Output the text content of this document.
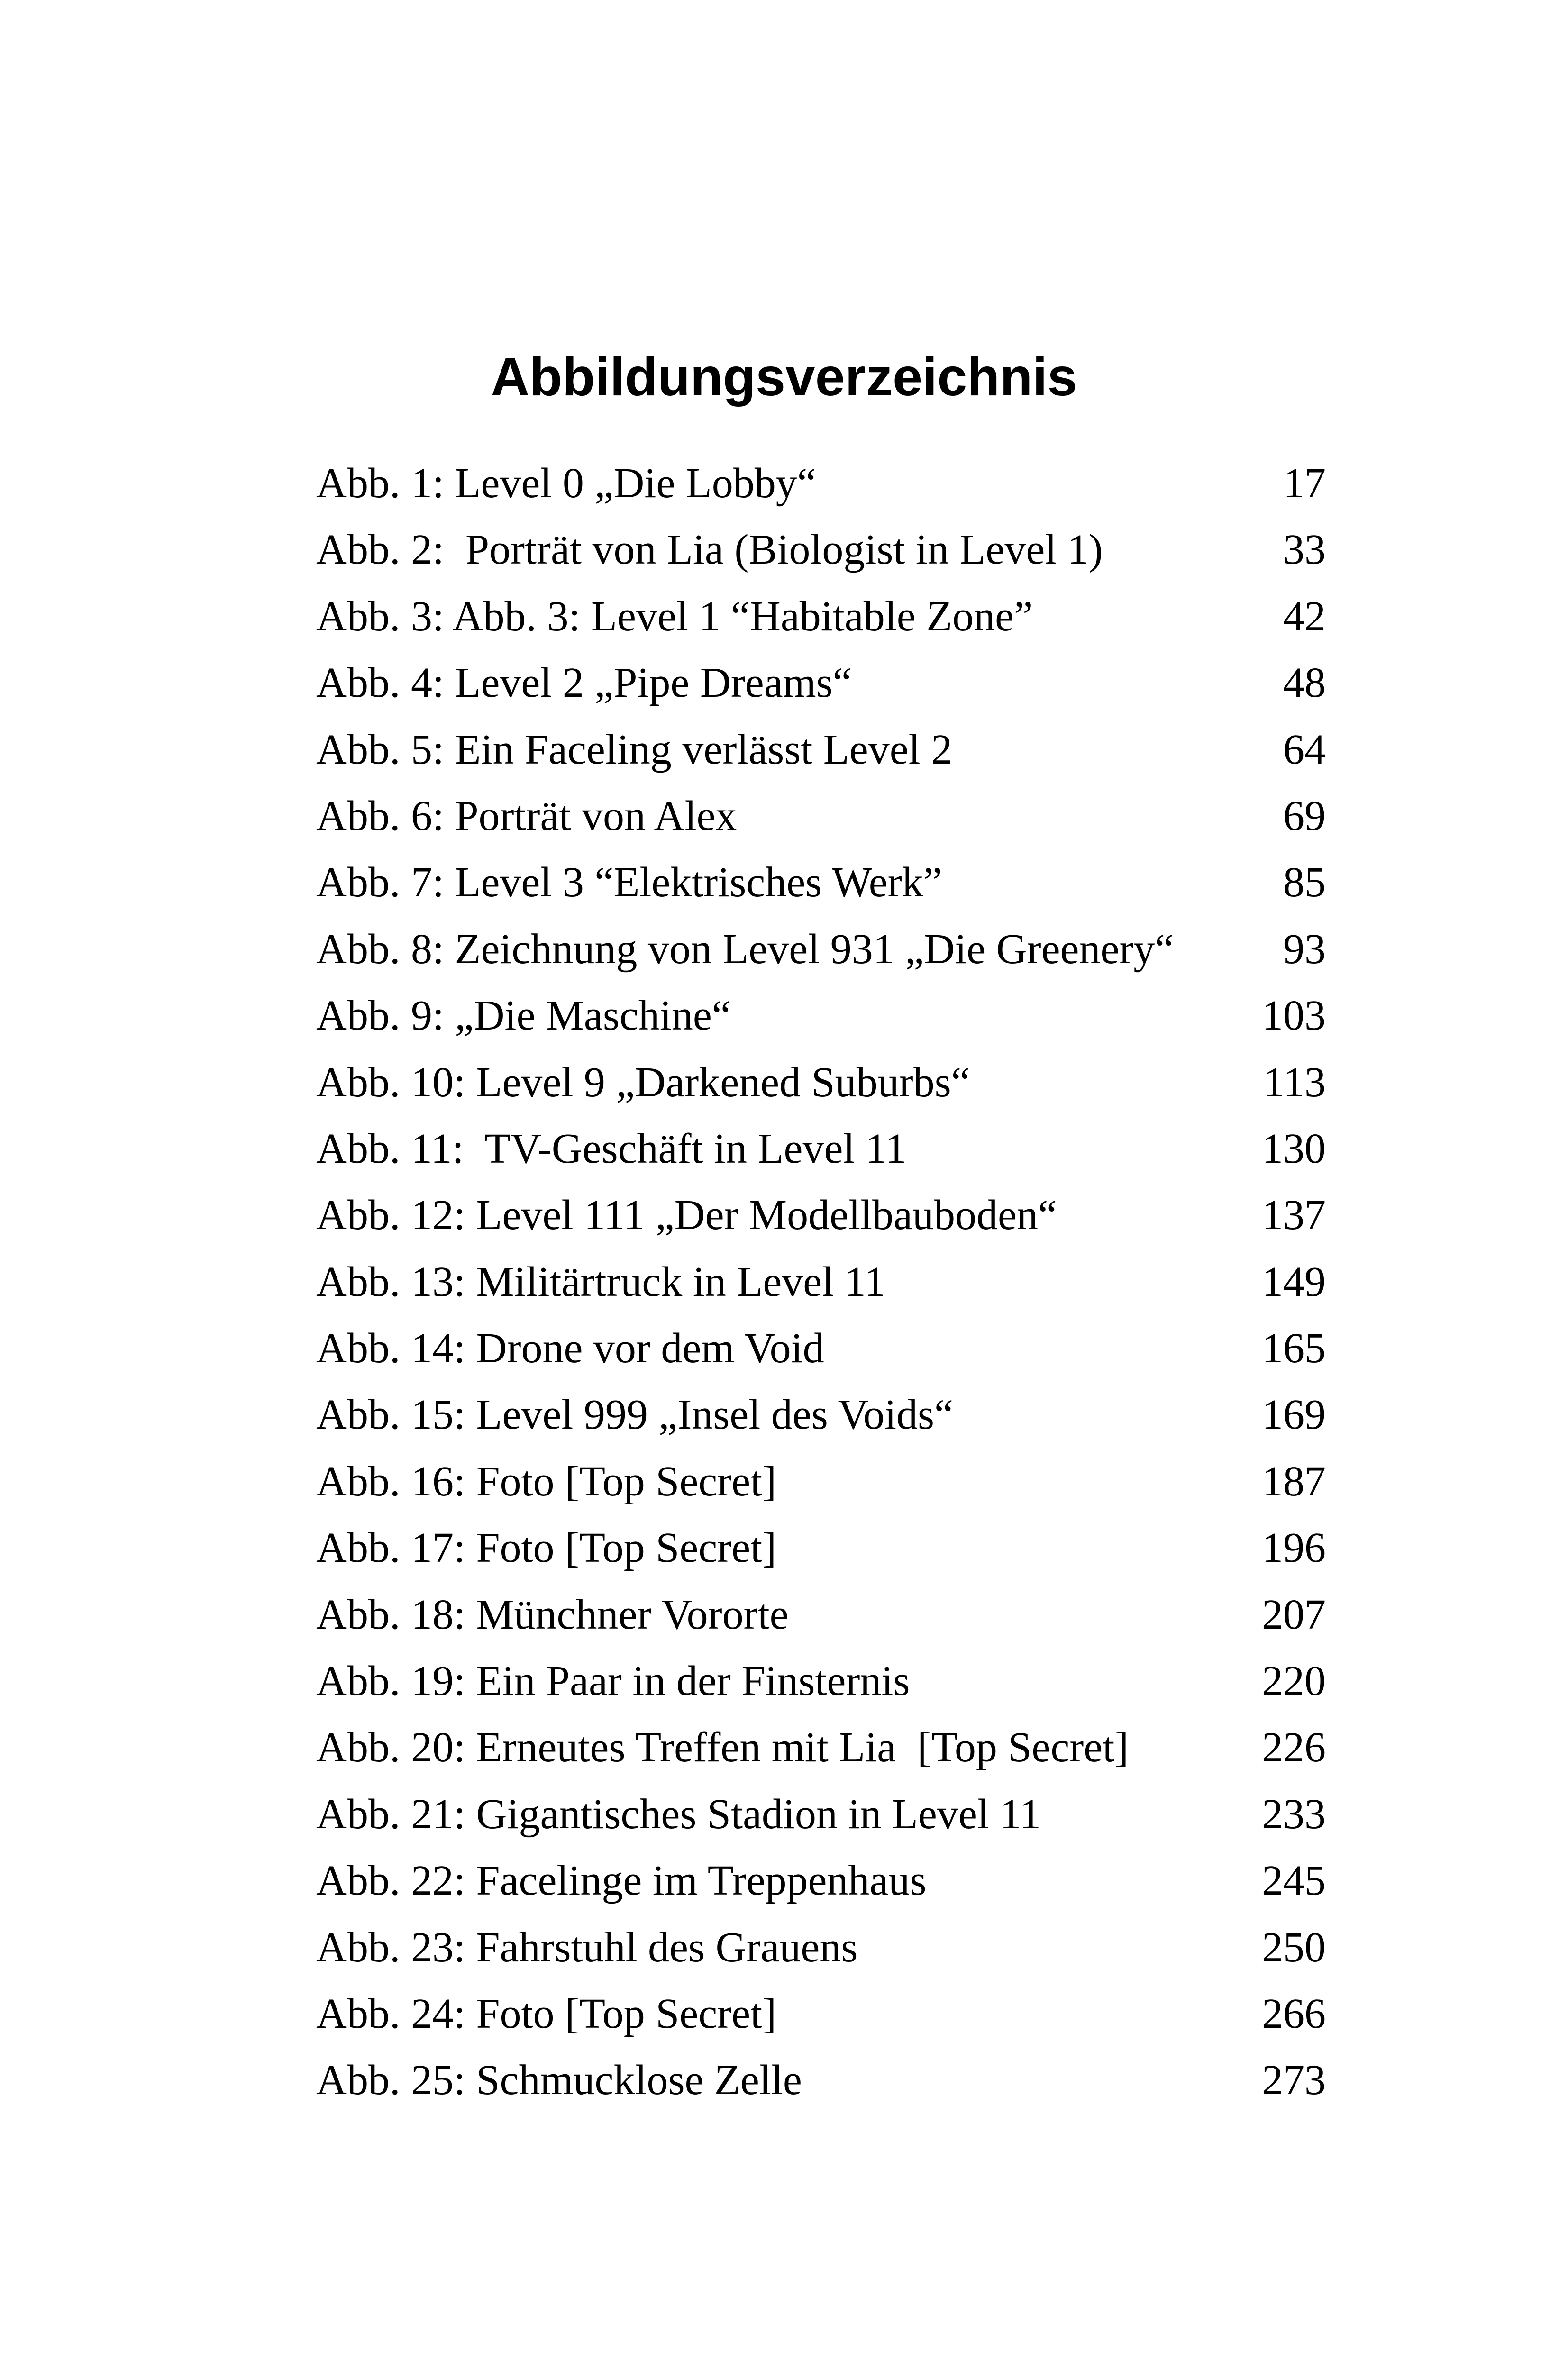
Abbildungsverzeichnis
Abb. 1: Level 0 „Die Lobby“	17
Abb. 2:  Porträt von Lia (Biologist in Level 1)	33
Abb. 3: Abb. 3: Level 1 “Habitable Zone”	42
Abb. 4: Level 2 „Pipe Dreams“	48
Abb. 5: Ein Faceling verlässt Level 2	64
Abb. 6: Porträt von Alex	69
Abb. 7: Level 3 “Elektrisches Werk”	85
Abb. 8: Zeichnung von Level 931 „Die Greenery“	93
Abb. 9: „Die Maschine“	103
Abb. 10: Level 9 „Darkened Suburbs“	113
Abb. 11:  TV-Geschäft in Level 11	130
Abb. 12: Level 111 „Der Modellbauboden“	137
Abb. 13: Militärtruck in Level 11	149
Abb. 14: Drone vor dem Void	165
Abb. 15: Level 999 „Insel des Voids“	169
Abb. 16: Foto [Top Secret]	187
Abb. 17: Foto [Top Secret]	196
Abb. 18: Münchner Vororte	207
Abb. 19: Ein Paar in der Finsternis	220
Abb. 20: Erneutes Treffen mit Lia  [Top Secret]	226
Abb. 21: Gigantisches Stadion in Level 11	233
Abb. 22: Facelinge im Treppenhaus	245
Abb. 23: Fahrstuhl des Grauens	250
Abb. 24: Foto [Top Secret]	266
Abb. 25: Schmucklose Zelle	273
